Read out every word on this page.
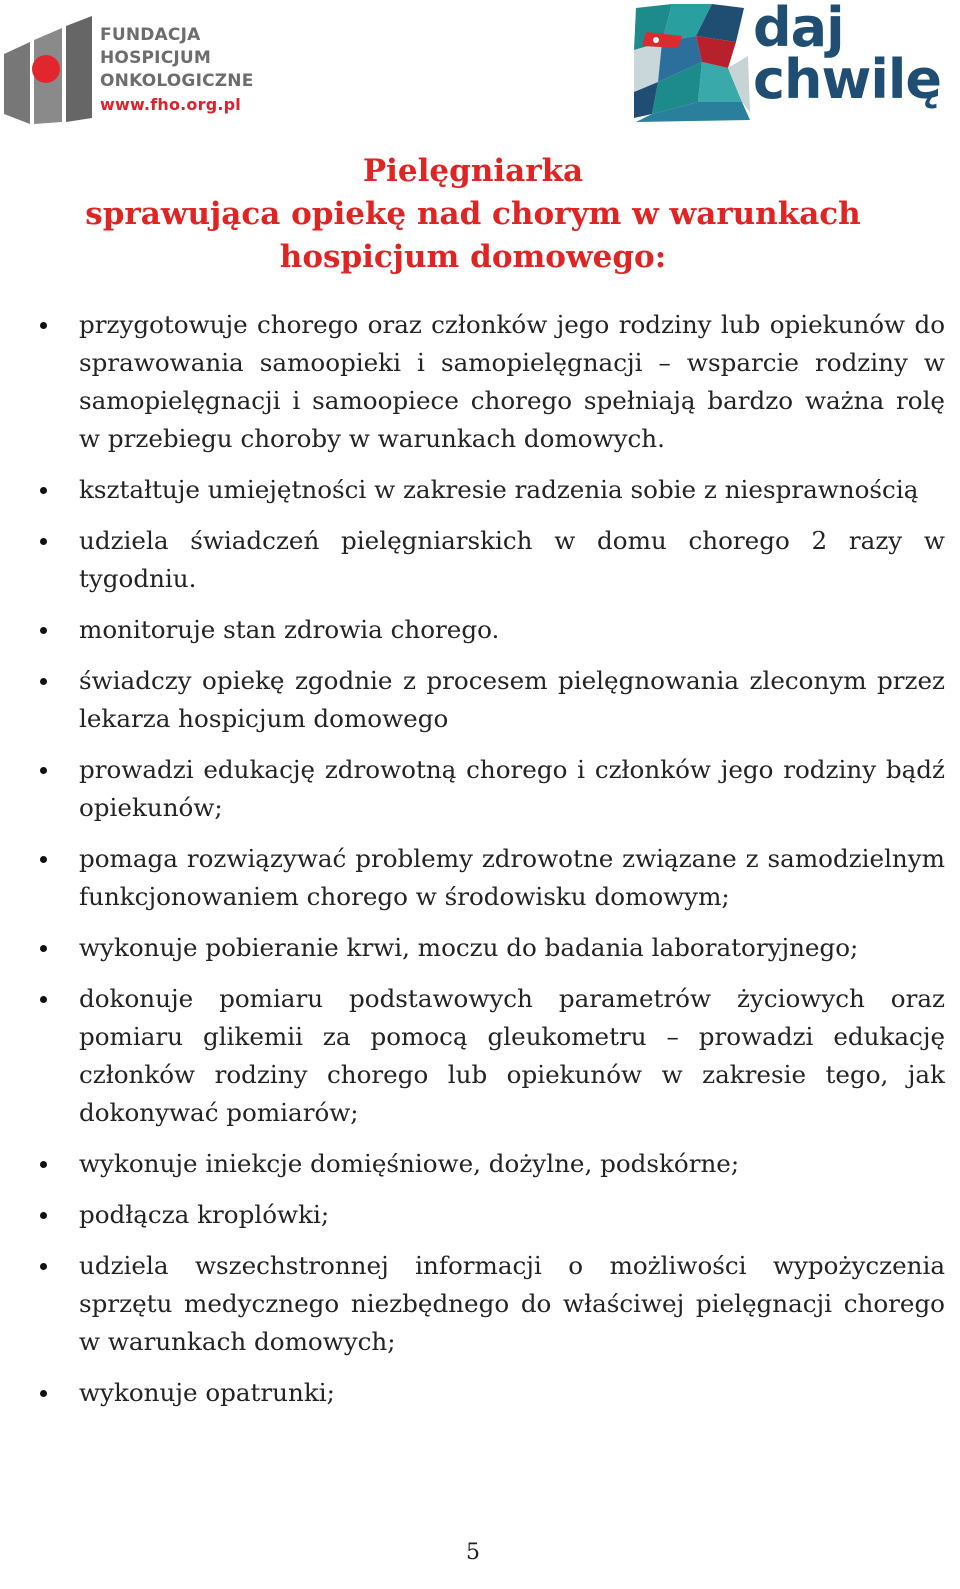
FUNDACJA
HOSPICJUM
ONKOLOGICZNE
www.fho.org.pl
daj
chwilę
Pielęgniarka
sprawująca opiekę nad chorym w warunkach
hospicjum domowego:
przygotowuje chorego oraz członków jego rodziny lub opiekunów do sprawowania samoopieki i samopielęgnacji – wsparcie rodziny w samopielęgnacji i samoopiece chorego spełniają bardzo ważna rolę w przebiegu choroby w warunkach domowych.
kształtuje umiejętności w zakresie radzenia sobie z niesprawnością
udziela świadczeń pielęgniarskich w domu chorego 2 razy w tygodniu.
monitoruje stan zdrowia chorego.
świadczy opiekę zgodnie z procesem pielęgnowania zleconym przez lekarza hospicjum domowego
prowadzi edukację zdrowotną chorego i członków jego rodziny bądź opiekunów;
pomaga rozwiązywać problemy zdrowotne związane z samodzielnym funkcjonowaniem chorego w środowisku domowym;
wykonuje pobieranie krwi, moczu do badania laboratoryjnego;
dokonuje pomiaru podstawowych parametrów życiowych oraz pomiaru glikemii za pomocą gleukometru – prowadzi edukację członków rodziny chorego lub opiekunów w zakresie tego, jak dokonywać pomiarów;
wykonuje iniekcje domięśniowe, dożylne, podskórne;
podłącza kroplówki;
udziela wszechstronnej informacji o możliwości wypożyczenia sprzętu medycznego niezbędnego do właściwej pielęgnacji chorego w warunkach domowych;
wykonuje opatrunki;
5
